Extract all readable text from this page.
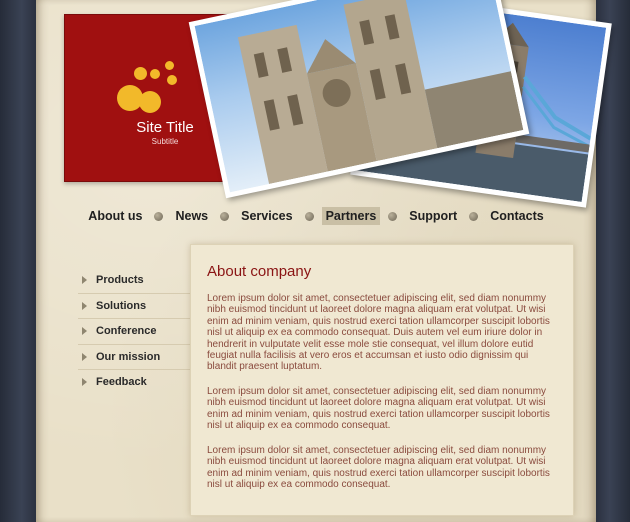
Site Title
Subtitle
About us	News	Services	Partners	Support	Contacts
Products
Solutions
Conference
Our mission
Feedback
About company

Lorem ipsum dolor sit amet, consectetuer adipiscing elit, sed diam nonummy nibh euismod tincidunt ut laoreet dolore magna aliquam erat volutpat. Ut wisi enim ad minim veniam, quis nostrud exerci tation ullamcorper suscipit lobortis nisl ut aliquip ex ea commodo consequat. Duis autem vel eum iriure dolor in hendrerit in vulputate velit esse mole stie consequat, vel illum dolore eutid feugiat nulla facilisis at vero eros et accumsan et iusto odio dignissim qui blandit praesent luptatum.

Lorem ipsum dolor sit amet, consectetuer adipiscing elit, sed diam nonummy nibh euismod tincidunt ut laoreet dolore magna aliquam erat volutpat. Ut wisi enim ad minim veniam, quis nostrud exerci tation ullamcorper suscipit lobortis nisl ut aliquip ex ea commodo consequat.

Lorem ipsum dolor sit amet, consectetuer adipiscing elit, sed diam nonummy nibh euismod tincidunt ut laoreet dolore magna aliquam erat volutpat. Ut wisi enim ad minim veniam, quis nostrud exerci tation ullamcorper suscipit lobortis nisl ut aliquip ex ea commodo consequat.
